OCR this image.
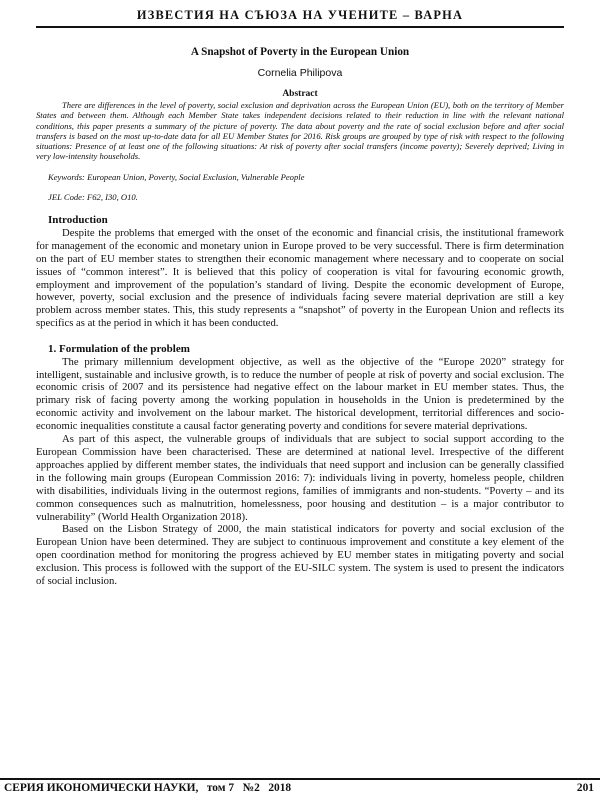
ИЗВЕСТИЯ НА СЪЮЗА НА УЧЕНИТЕ – ВАРНА
A Snapshot of Poverty in the European Union
Cornelia Philipova
Abstract

There are differences in the level of poverty, social exclusion and deprivation across the European Union (EU), both on the territory of Member States and between them. Although each Member State takes independent decisions related to their reduction in line with the relevant national conditions, this paper presents a summary of the picture of poverty. The data about poverty and the rate of social exclusion before and after social transfers is based on the most up-to-date data for all EU Member States for 2016. Risk groups are grouped by type of risk with respect to the following situations: Presence of at least one of the following situations: At risk of poverty after social transfers (income poverty); Severely deprived; Living in very low-intensity households.

Keywords: European Union, Poverty, Social Exclusion, Vulnerable People

JEL Code: F62, I30, O10.

Introduction

Despite the problems that emerged with the onset of the economic and financial crisis, the institutional framework for management of the economic and monetary union in Europe proved to be very successful. There is firm determination on the part of EU member states to strengthen their economic management where necessary and to cooperate on social issues of “common interest”. It is believed that this policy of cooperation is vital for favouring economic growth, employment and improvement of the population’s standard of living. Despite the economic development of Europe, however, poverty, social exclusion and the presence of individuals facing severe material deprivation are still a key problem across member states. This, this study represents a “snapshot” of poverty in the European Union and reflects its specifics as at the period in which it has been conducted.

1. Formulation of the problem

The primary millennium development objective, as well as the objective of the “Europe 2020” strategy for intelligent, sustainable and inclusive growth, is to reduce the number of people at risk of poverty and social exclusion. The economic crisis of 2007 and its persistence had negative effect on the labour market in EU member states. Thus, the primary risk of facing poverty among the working population in households in the Union is predetermined by the economic activity and involvement on the labour market. The historical development, territorial differences and socio-economic inequalities constitute a causal factor generating poverty and conditions for severe material deprivations.

As part of this aspect, the vulnerable groups of individuals that are subject to social support according to the European Commission have been characterised. These are determined at national level. Irrespective of the different approaches applied by different member states, the individuals that need support and inclusion can be generally classified in the following main groups (European Commission 2016: 7): individuals living in poverty, homeless people, children with disabilities, individuals living in the outermost regions, families of immigrants and non-students. “Poverty – and its common consequences such as malnutrition, homelessness, poor housing and destitution – is a major contributor to vulnerability” (World Health Organization 2018).

Based on the Lisbon Strategy of 2000, the main statistical indicators for poverty and social exclusion of the European Union have been determined. They are subject to continuous improvement and constitute a key element of the open coordination method for monitoring the progress achieved by EU member states in mitigating poverty and social exclusion. This process is followed with the support of the EU-SILC system. The system is used to present the indicators of social inclusion.

СЕРИЯ ИКОНОМИЧЕСКИ НАУКИ, том 7 №2 2018	201
